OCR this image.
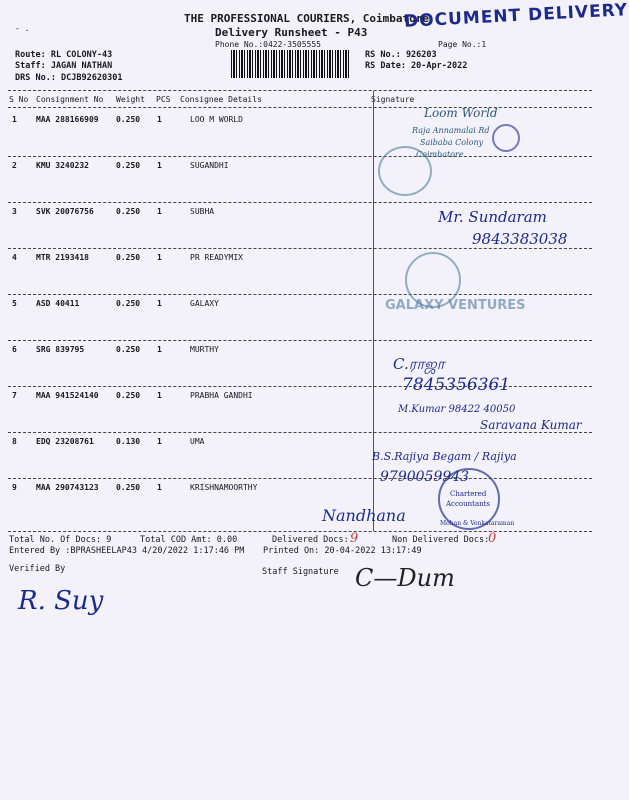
THE PROFESSIONAL COURIERS, Coimbatore
DOCUMENT DELIVERY
Delivery Runsheet - P43
Phone No.:0422-3505555	Page No.:1
- .
Route: RL COLONY-43
Staff: JAGAN NATHAN
DRS No.: DCJB92620301
RS No.: 926203
RS Date: 20-Apr-2022
S No Consignment No Weight PCS Consignee Details	Signature
1 MAA 288166909 0.250 1	LOO M WORLD
2 KMU 3240232	0.250 1	SUGANDHI
3 SVK 20076756	0.250 1	SUBHA
4 MTR 2193418	0.250 1	PR READYMIX
5 ASD 40411	0.250 1	GALAXY
6 SRG 839795	0.250 1	MURTHY
7 MAA 941524140 0.250 1	PRABHA GANDHI
8 EDQ 23208761	0.130 1	UMA
9 MAA 290743123 0.250 1	KRISHNAMOORTHY
Total No. Of Docs: 9	Total COD Amt: 0.00	Delivered Docs: 9	Non Delivered Docs:
0
Entered By :BPRASHEELAP43 4/20/2022 1:17:46 PM Printed On: 20-04-2022 13:17:49
Verified By	Staff Signature
R. Suy
C—Dum
Loom World
Raja Annamalai Rd
Saibaba Colony
Coimbatore
Mr. Sundaram
9843383038
GALAXY VENTURES
C.ராஜா
7845356361
M.Kumar 98422 40050
Saravana Kumar
B.S.Rajiya Begam / Rajiya
9790059943
Chartered
Accountants
Mohan & Venkataraman
Nandhana
